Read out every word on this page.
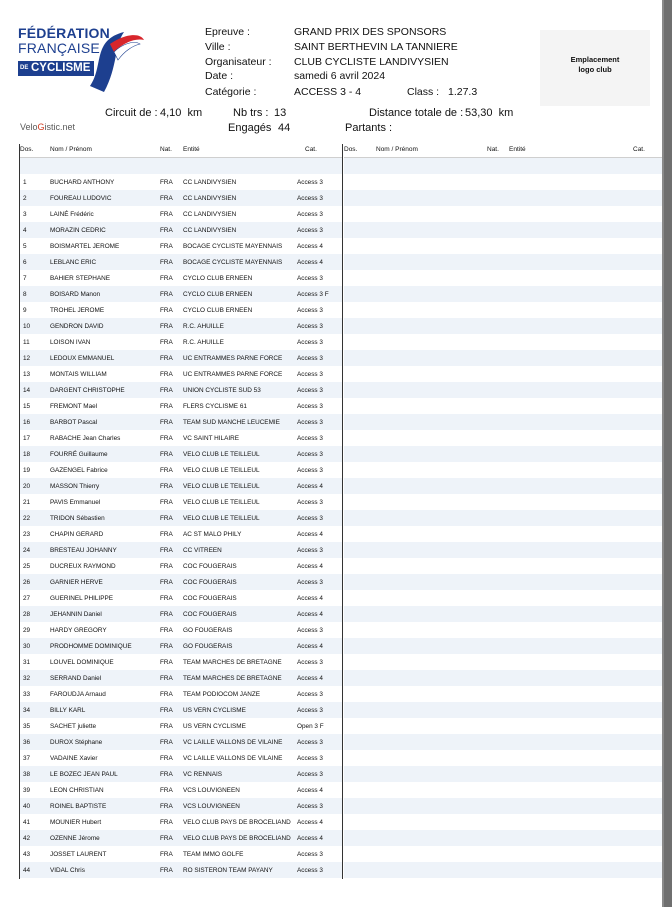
FÉDÉRATION
FRANÇAISE
DE CYCLISME
Epreuve :	GRAND PRIX DES SPONSORS
Ville :	SAINT BERTHEVIN LA TANNIERE
Organisateur : CLUB CYCLISTE LANDIVYSIEN
Date :	samedi 6 avril 2024
Catégorie :	ACCESS 3 - 4	Class : 1.27.3
Emplacement
logo club
Circuit de : 4,10  km	Nb trs : 13	Distance totale de : 53,30  km
Engagés 44	Partants :
VeloGistic.net
Dos.	Nom / Prénom	Nat. Entité	Cat.	Dos.	Nom / Prénom	Nat. Entité	Cat.
1	BUCHARD ANTHONY	FRA CC LANDIVYSIEN	Access 3
2	FOUREAU LUDOVIC	FRA CC LANDIVYSIEN	Access 3
3	LAINÉ Frédéric	FRA CC LANDIVYSIEN	Access 3
4	MORAZIN CEDRIC	FRA CC LANDIVYSIEN	Access 3
5	BOISMARTEL JEROME	FRA BOCAGE CYCLISTE MAYENNAIS Access 4
6	LEBLANC ERIC	FRA BOCAGE CYCLISTE MAYENNAIS Access 4
7	BAHIER STEPHANE	FRA CYCLO CLUB ERNEEN	Access 3
8	BOISARD Manon	FRA CYCLO CLUB ERNEEN	Access 3 F
9	TROHEL JEROME	FRA CYCLO CLUB ERNEEN	Access 3
10	GENDRON DAVID	FRA R.C. AHUILLE	Access 3
11	LOISON IVAN	FRA R.C. AHUILLE	Access 3
12	LEDOUX EMMANUEL	FRA UC ENTRAMMES PARNE FORCE Access 3
13	MONTAIS WILLIAM	FRA UC ENTRAMMES PARNE FORCE Access 3
14	DARGENT CHRISTOPHE	FRA UNION CYCLISTE SUD 53	Access 3
15	FREMONT Mael	FRA FLERS CYCLISME 61	Access 3
16	BARBOT Pascal	FRA TEAM SUD MANCHE LEUCEMIE	Access 3
17	RABACHE Jean Charles	FRA VC SAINT HILAIRE	Access 3
18	FOURRÉ Guillaume	FRA VELO CLUB LE TEILLEUL	Access 3
19	GAZENGEL Fabrice	FRA VELO CLUB LE TEILLEUL	Access 3
20	MASSON Thierry	FRA VELO CLUB LE TEILLEUL	Access 4
21	PAVIS Emmanuel	FRA VELO CLUB LE TEILLEUL	Access 3
22	TRIDON Sébastien	FRA VELO CLUB LE TEILLEUL	Access 3
23	CHAPIN GERARD	FRA AC ST MALO PHILY	Access 4
24	BRESTEAU JOHANNY	FRA CC VITREEN	Access 3
25	DUCREUX RAYMOND	FRA COC FOUGERAIS	Access 4
26	GARNIER HERVE	FRA COC FOUGERAIS	Access 3
27	GUERINEL PHILIPPE	FRA COC FOUGERAIS	Access 4
28	JEHANNIN Daniel	FRA COC FOUGERAIS	Access 4
29	HARDY GREGORY	FRA GO FOUGERAIS	Access 3
30	PRODHOMME DOMINIQUE	FRA GO FOUGERAIS	Access 4
31	LOUVEL DOMINIQUE	FRA TEAM MARCHES DE BRETAGNE Access 3
32	SERRAND Daniel	FRA TEAM MARCHES DE BRETAGNE Access 4
33	FAROUDJA Arnaud	FRA TEAM PODIOCOM JANZE	Access 3
34	BILLY KARL	FRA US VERN CYCLISME	Access 3
35	SACHET juliette	FRA US VERN CYCLISME	Open 3 F
36	DUROX Stéphane	FRA VC LAILLE VALLONS DE VILAINE Access 3
37	VADAINE Xavier	FRA VC LAILLE VALLONS DE VILAINE Access 3
38	LE BOZEC JEAN PAUL	FRA VC RENNAIS	Access 3
39	LEON CHRISTIAN	FRA VCS LOUVIGNEEN	Access 4
40	ROINEL BAPTISTE	FRA VCS LOUVIGNEEN	Access 3
41	MOUNIER Hubert	FRA VELO CLUB PAYS DE BROCELIAND Access 4
42	OZENNE Jérome	FRA VELO CLUB PAYS DE BROCELIAND Access 4
43	JOSSET LAURENT	FRA TEAM IMMO GOLFE	Access 3
44	VIDAL Chris	FRA RO SISTERON TEAM PAYANY	Access 3
